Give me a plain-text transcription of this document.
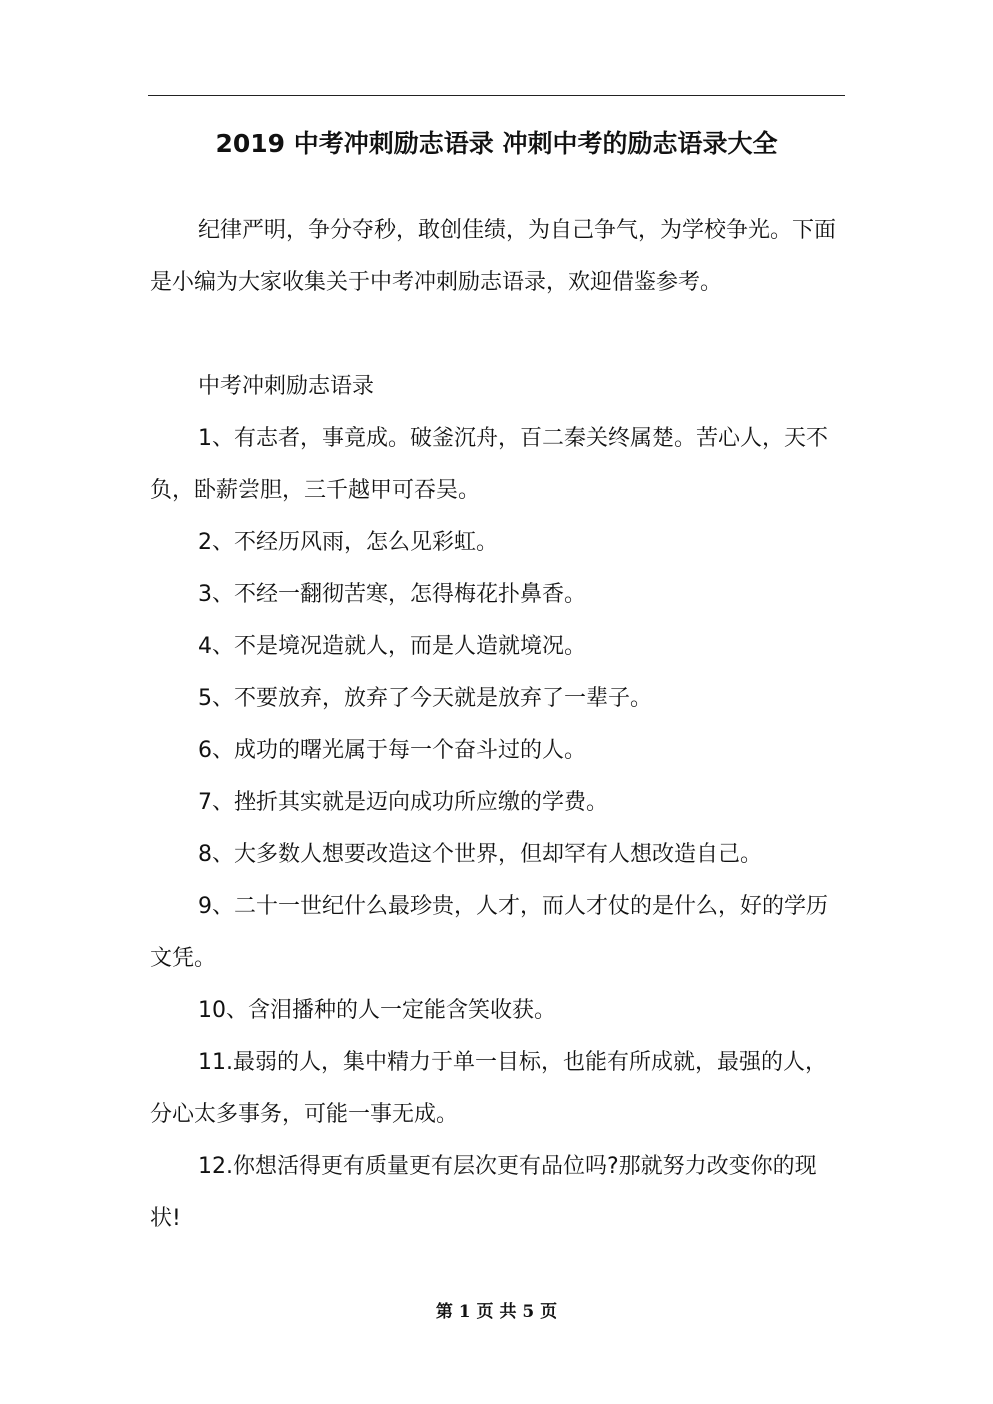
2019 中考冲刺励志语录 冲刺中考的励志语录大全

纪律严明，争分夺秒，敢创佳绩，为自己争气，为学校争光。下面是小编为大家收集关于中考冲刺励志语录，欢迎借鉴参考。

中考冲刺励志语录

1、有志者，事竟成。破釜沉舟，百二秦关终属楚。苦心人，天不负，卧薪尝胆，三千越甲可吞吴。

2、不经历风雨，怎么见彩虹。

3、不经一翻彻苦寒，怎得梅花扑鼻香。

4、不是境况造就人，而是人造就境况。

5、不要放弃，放弃了今天就是放弃了一辈子。

6、成功的曙光属于每一个奋斗过的人。

7、挫折其实就是迈向成功所应缴的学费。

8、大多数人想要改造这个世界，但却罕有人想改造自己。

9、二十一世纪什么最珍贵，人才，而人才仗的是什么，好的学历文凭。

10、含泪播种的人一定能含笑收获。

11.最弱的人，集中精力于单一目标，也能有所成就，最强的人，分心太多事务，可能一事无成。

12.你想活得更有质量更有层次更有品位吗?那就努力改变你的现状!

第 1 页 共 5 页
